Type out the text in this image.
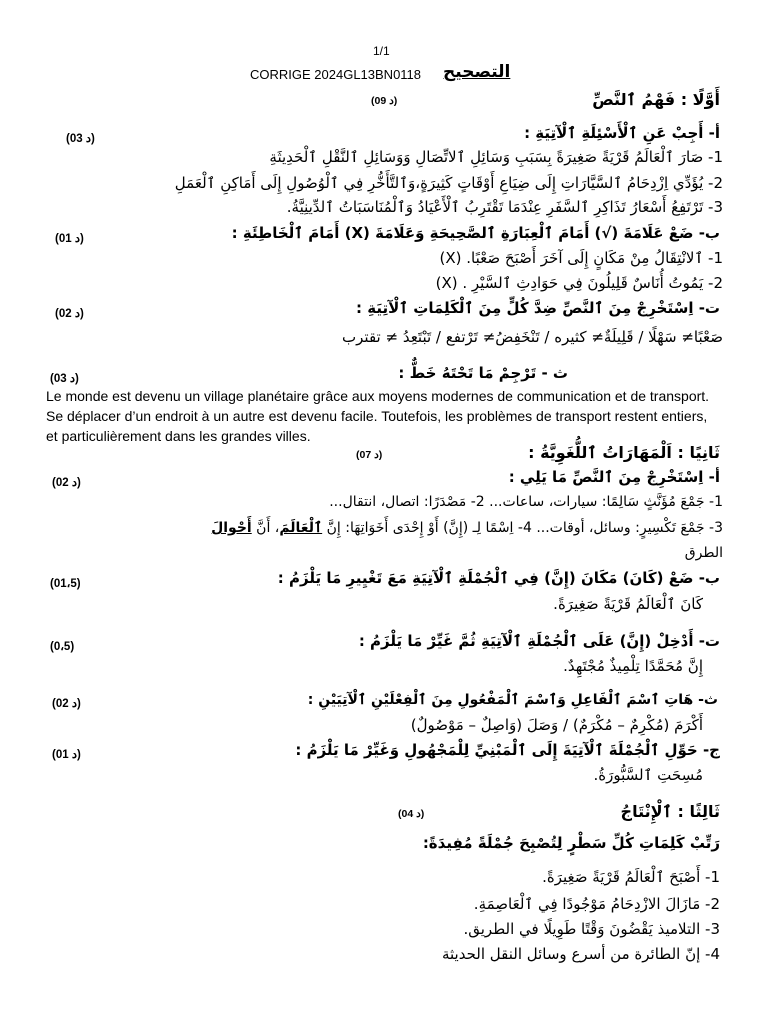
1/1
CORRIGE 2024GL13BN0118 التصحيح
أَوَّلًا : فَهْمُ ٱلنَّصِّ
(09 د)
أ- أَجِبْ عَنِ ٱلْأَسْئِلَةِ ٱلْآتِيَةِ :
(03 د)
1- صَارَ ٱلْعَالَمُ قَرْيَةً صَغِيرَةً بِسَبَبِ وَسَائِلِ ٱلاتِّصَالِ وَوَسَائِلِ ٱلنَّقْلِ ٱلْحَدِيثَةِ
2- يُؤَدِّي اِزْدِحَامُ ٱلسَّيَّارَاتِ إِلَى ضِيَاعِ أَوْقَاتٍ كَثِيرَةٍ،وَٱلتَّأَخُّرِ فِي ٱلْوُصُولِ إِلَى أَمَاكِنِ ٱلْعَمَلِ
3- تَرْتَفِعُ أَسْعَارُ تَذَاكِرِ ٱلسَّفَرِ عِنْدَمَا تَقْتَرِبُ ٱلْأَعْيَادُ وَٱلْمُنَاسَبَاتُ ٱلدِّينِيَّةُ.
ب- ضَعْ عَلَامَةَ (√) أَمَامَ ٱلْعِبَارَةِ ٱلصَّحِيحَةِ وَعَلَامَةَ (X) أَمَامَ ٱلْخَاطِئَةِ :
(01 د)
1- ٱلانْتِقَالُ مِنْ مَكَانٍ إِلَى آخَرَ أَصْبَحَ صَعْبًا. (X)
2- يَمُوتُ أُنَاسٌ قَلِيلُونَ فِي حَوَادِثِ ٱلسَّيْرِ . (X)
ت- اِسْتَخْرِجْ مِنَ ٱلنَّصِّ ضِدَّ كُلٍّ مِنَ ٱلْكَلِمَاتِ ٱلْآتِيَةِ :
(02 د)
صَعْبًا≠ سَهْلًا / قَلِيلَةٌ≠ كثيره / تَنْخَفِضُ≠ تَرْتفع / تَبْتَعِدُ ≠ تقترب
ث - تَرْجِمْ مَا تَحْتَهُ خَطٌّ :
(03 د)
Le monde est devenu un village planétaire grâce aux moyens modernes de communication et de transport. Se déplacer d’un endroit à un autre est devenu facile. Toutefois, les problèmes de transport restent entiers, et particulièrement dans les grandes villes.
ثَانِيًا : اَلْمَهَارَاتُ ٱللُّغَوِيَّةُ :
(07 د)
أ- اِسْتَخْرِجْ مِنَ ٱلنَّصِّ مَا يَلِي :
(02 د)
1- جَمْعَ مُؤَنَّثٍ سَالِمًا: سيارات، ساعات... 2- مَصْدَرًا: اتصال، انتقال...
3- جَمْعَ تَكْسِيرٍ: وسائل، أوقات... 4- اِسْمًا لِـ (إِنَّ) أَوْ إِحْدَى أَخَوَاتِهَا: إِنَّ ٱلْعَالَمَ، أَنَّ أَحْوالَ
الطرق
ب- ضَعْ (كَانَ) مَكَانَ (إِنَّ) فِي ٱلْجُمْلَةِ ٱلْآتِيَةِ مَعَ تَغْيِيرِ مَا يَلْزَمُ :
(01،5)
كَانَ ٱلْعَالَمُ قَرْيَةً صَغِيرَةً.
ت- أَدْخِلْ (إِنَّ) عَلَى ٱلْجُمْلَةِ ٱلْآتِيَةِ ثُمَّ غَيِّرْ مَا يَلْزَمُ :
(0،5)
إِنَّ مُحَمَّدًا تِلْمِيذٌ مُجْتَهِدٌ.
ث- هَاتِ ٱسْمَ ٱلْفَاعِلِ وَٱسْمَ ٱلْمَفْعُولِ مِنَ ٱلْفِعْلَيْنِ ٱلْآتِيَيْنِ :
(02 د)
أَكْرَمَ (مُكْرِمٌ – مُكْرَمٌ) / وَصَلَ (وَاصِلٌ – مَوْصُولٌ)
ج- حَوِّلِ ٱلْجُمْلَةَ ٱلْآتِيَةَ إِلَى ٱلْمَبْنِيِّ لِلْمَجْهُولِ وَغَيِّرْ مَا يَلْزَمُ :
(01 د)
مُسِحَتِ ٱلسَّبُّورَةُ.
ثَالِثًا : ٱلْإِنْتَاجُ
(04 د)
رَتِّبْ كَلِمَاتِ كُلِّ سَطْرٍ لِتُصْبِحَ جُمْلَةً مُفِيدَةً:
1- أَصْبَحَ ٱلْعَالَمُ قَرْيَةً صَغِيرَةً.
2- مَازَالَ الازْدِحَامُ مَوْجُودًا فِي ٱلْعَاصِمَةِ.
3- التلاميذ يَقْضُونَ وَقْتًا طَوِيلًا في الطريق.
4- إنّ الطائرة من أسرع وسائل النقل الحديثة
